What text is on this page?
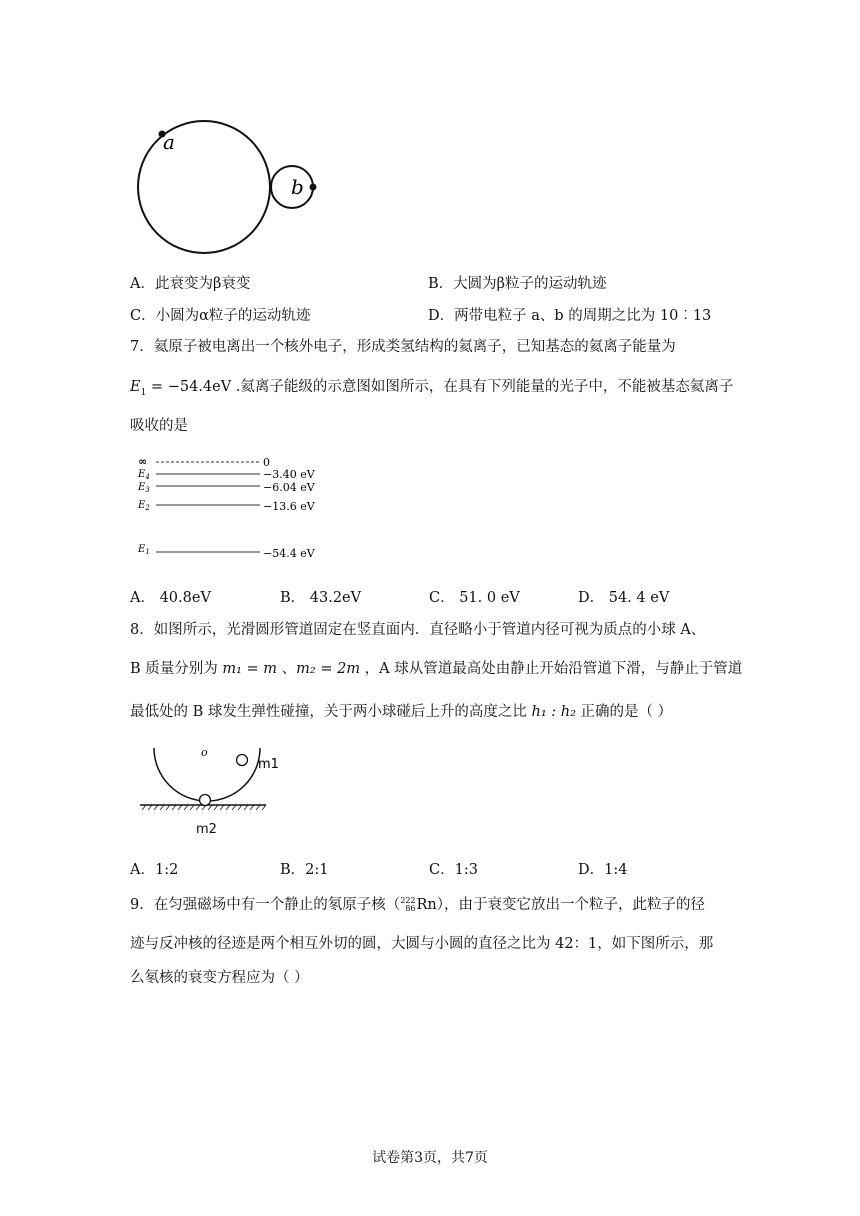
a
b
A．此衰变为β衰变	B．大圆为β粒子的运动轨迹
C．小圆为α粒子的运动轨迹	D．两带电粒子 a、b 的周期之比为 10︰13
7．氦原子被电离出一个核外电子，形成类氢结构的氦离子，已知基态的氦离子能量为
$E_1 = -54.4eV$ .氦离子能级的示意图如图所示，在具有下列能量的光子中，不能被基态氦离子
吸收的是
∞	0
$E_4$	−3.40 eV
$E_3$	−6.04 eV
$E_2$	−13.6 eV
$E_1$	−54.4 eV
A． 40.8eV	B． 43.2eV	C． 51. 0 eV	D． 54. 4 eV
8．如图所示，光滑圆形管道固定在竖直面内．直径略小于管道内径可视为质点的小球 A、
B 质量分别为 m₁ = m 、m₂ = 2m ，A 球从管道最高处由静止开始沿管道下滑，与静止于管道
最低处的 B 球发生弹性碰撞，关于两小球碰后上升的高度之比 h₁ : h₂ 正确的是（ ）
o
m1
m2
A．1:2	B．2:1	C．1:3	D．1:4
9．在匀强磁场中有一个静止的氡原子核（222
86Rn），由于衰变它放出一个粒子，此粒子的径
迹与反冲核的径迹是两个相互外切的圆，大圆与小圆的直径之比为 42：1，如下图所示，那
么氡核的衰变方程应为（ ）
试卷第3页，共7页
